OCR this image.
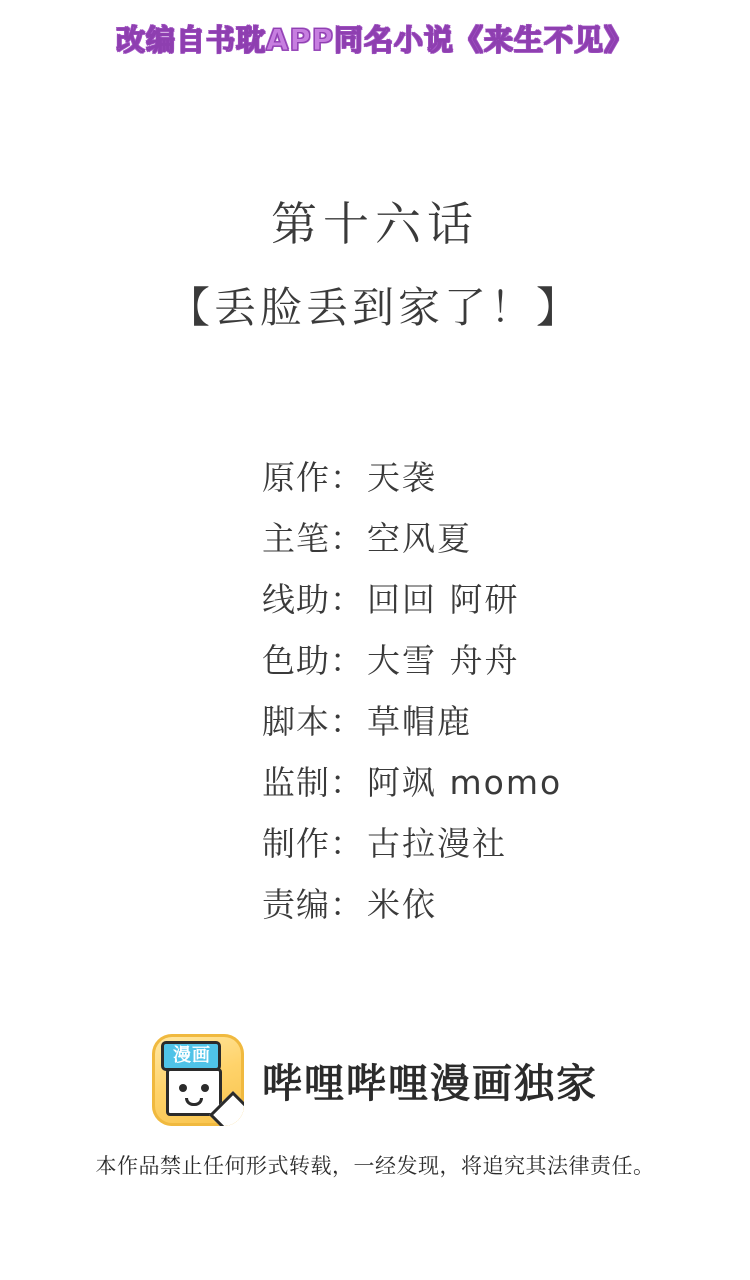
改编自书耽APP同名小说《来生不见》
第十六话
【丢脸丢到家了！】
原作 ： 天袭
主笔 ： 空风夏
线助 ： 回回 阿研
色助 ： 大雪 舟舟
脚本 ： 草帽鹿
监制 ： 阿飒 momo
制作 ： 古拉漫社
责编 ： 米依
漫画
哔哩哔哩漫画独家
本作品禁止任何形式转载，一经发现，将追究其法律责任。
